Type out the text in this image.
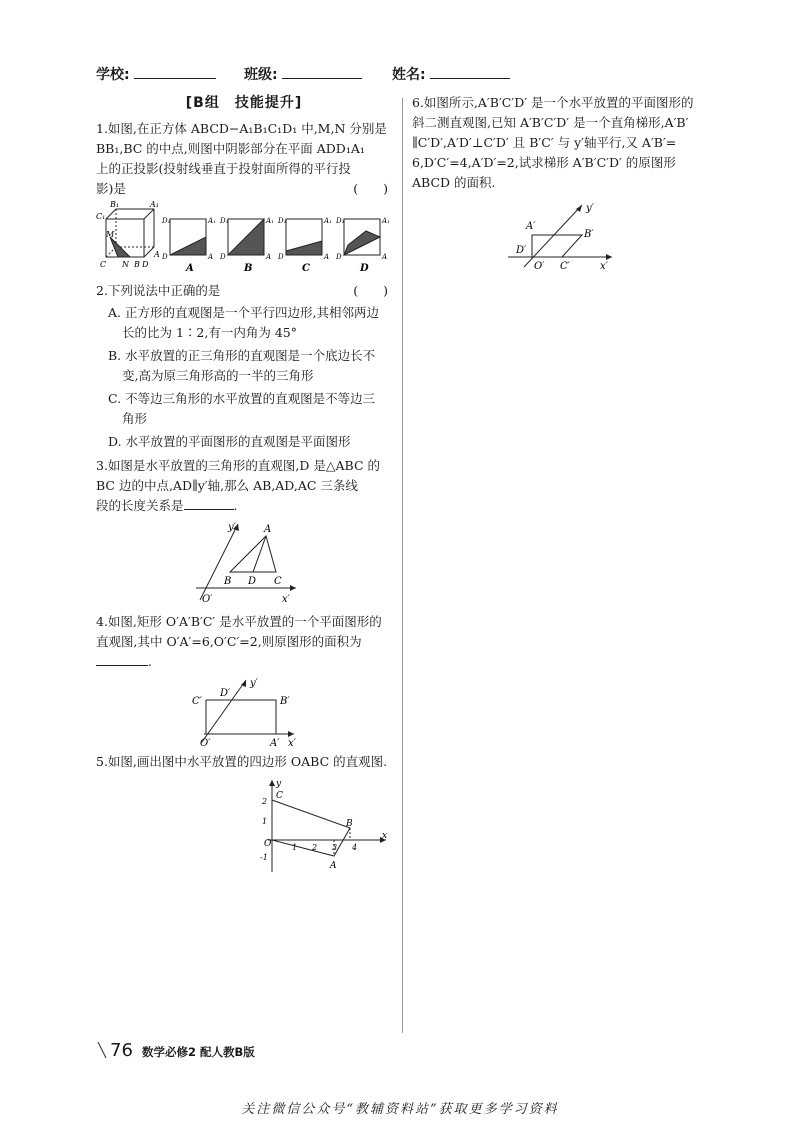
学校:	班级:	姓名:
[B组　技能提升]

1.如图,在正方体 ABCD−A₁B₁C₁D₁ 中,M,N 分别是

BB₁,BC 的中点,则图中阴影部分在平面 ADD₁A₁

上的正投影(投射线垂直于投射面所得的平行投

影)是	(　　)

B₁	A₁
C₁
M
A
C N B D
D₁	A₁
D	A
A
D₁	A₁
D	A
B
D₁	A₁
D	A
C
D₁	A₁
D	A
D

2.下列说法中正确的是	(　　)

A. 正方形的直观图是一个平行四边形,其相邻两边

长的比为 1∶2,有一内角为 45°

B. 水平放置的正三角形的直观图是一个底边长不

变,高为原三角形高的一半的三角形

C. 不等边三角形的水平放置的直观图是不等边三

角形

D. 水平放置的平面图形的直观图是平面图形

3.如图是水平放置的三角形的直观图,D 是△ABC 的

BC 边的中点,AD∥y′轴,那么 AB,AD,AC 三条线

段的长度关系是	.

y′
x′
O′
A
B D C

4.如图,矩形 O′A′B′C′ 是水平放置的一个平面图形的

直观图,其中 O′A′=6,O′C′=2,则原图形的面积为

.

C′
D′
y′
B′
O′	A′ x′

5.如图,画出图中水平放置的四边形 OABC 的直观图.

y
x
C
B
A
O	1 2 3 4
2
1
-1

6.如图所示,A′B′C′D′ 是一个水平放置的平面图形的

斜二测直观图,已知 A′B′C′D′ 是一个直角梯形,A′B′

∥C′D′,A′D′⊥C′D′ 且 B′C′ 与 y′轴平行,又 A′B′=

6,D′C′=4,A′D′=2,试求梯形 A′B′C′D′ 的原图形

ABCD 的面积.

y′
A′
B′
D′
O′ C′	x′
76 数学必修2 配人教B版
关注微信公众号“教辅资料站”获取更多学习资料
